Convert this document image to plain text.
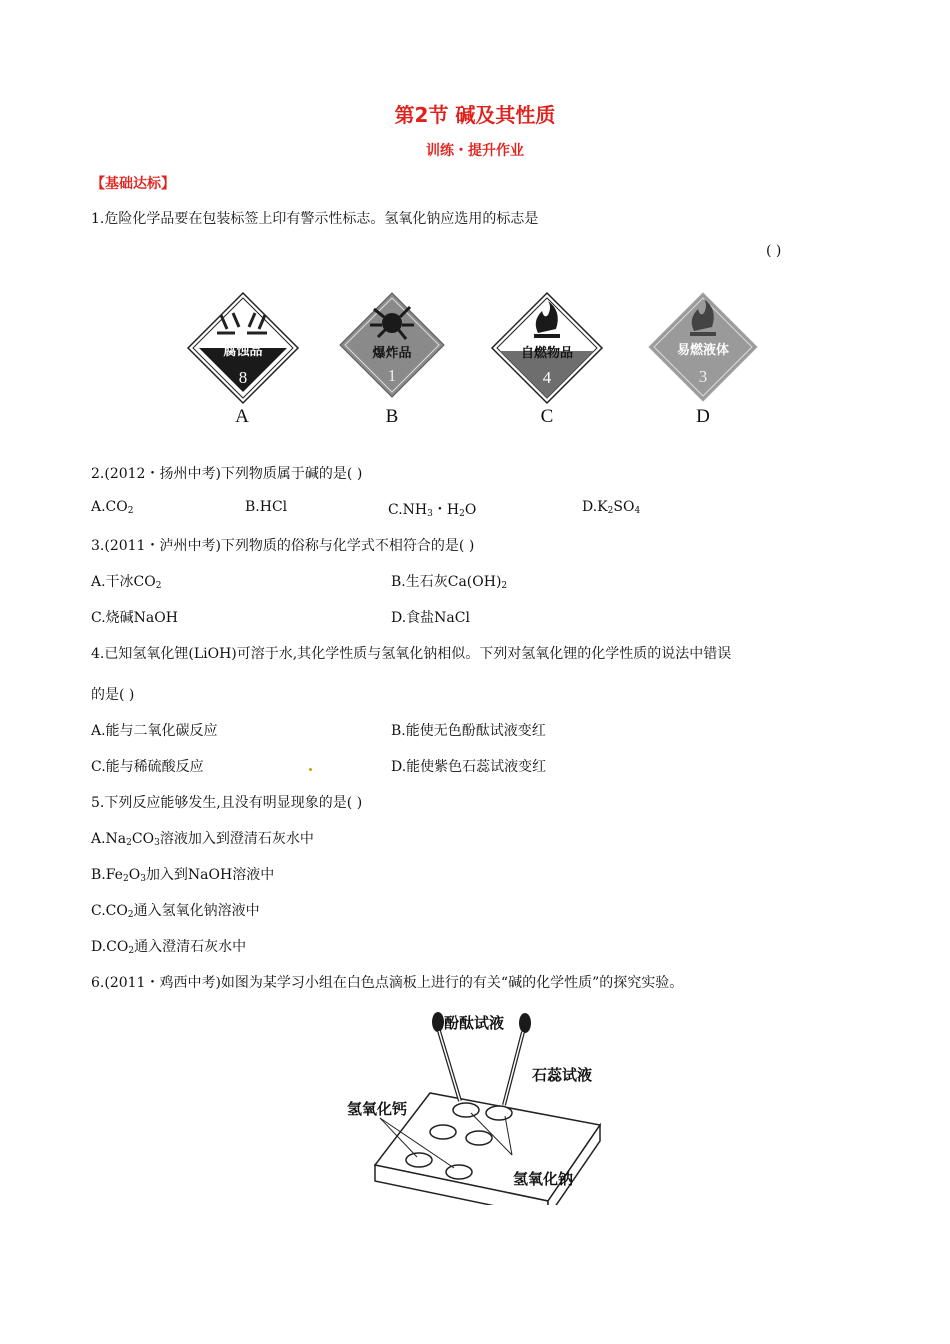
第2节 碱及其性质
训练・提升作业
【基础达标】
1.危险化学品要在包装标签上印有警示性标志。氢氧化钠应选用的标志是
( )
腐蚀品
8
爆炸品
1
自燃物品
4
易燃液体
3
A	B	C	D
2.(2012・扬州中考)下列物质属于碱的是( )
$A.CO_2$	B.HCl	$C.NH_3$・$H_2O$	$D.K_2SO_4$
3.(2011・泸州中考)下列物质的俗称与化学式不相符合的是( )
A.干冰$CO_2$	B.生石灰$Ca(OH)_2$
C.烧碱NaOH	D.食盐NaCl
4.已知氢氧化锂(LiOH)可溶于水,其化学性质与氢氧化钠相似。下列对氢氧化锂的化学性质的说法中错误
的是( )
A.能与二氧化碳反应	B.能使无色酚酞试液变红
C.能与稀硫酸反应	D.能使紫色石蕊试液变红
5.下列反应能够发生,且没有明显现象的是( )
$A.Na_2CO_3$溶液加入到澄清石灰水中
$B.Fe_2O_3$加入到NaOH溶液中
$C.CO_2$通入氢氧化钠溶液中
$D.CO_2$通入澄清石灰水中
6.(2011・鸡西中考)如图为某学习小组在白色点滴板上进行的有关“碱的化学性质”的探究实验。
酚酞试液
石蕊试液
氢氧化钙
氢氧化钠
